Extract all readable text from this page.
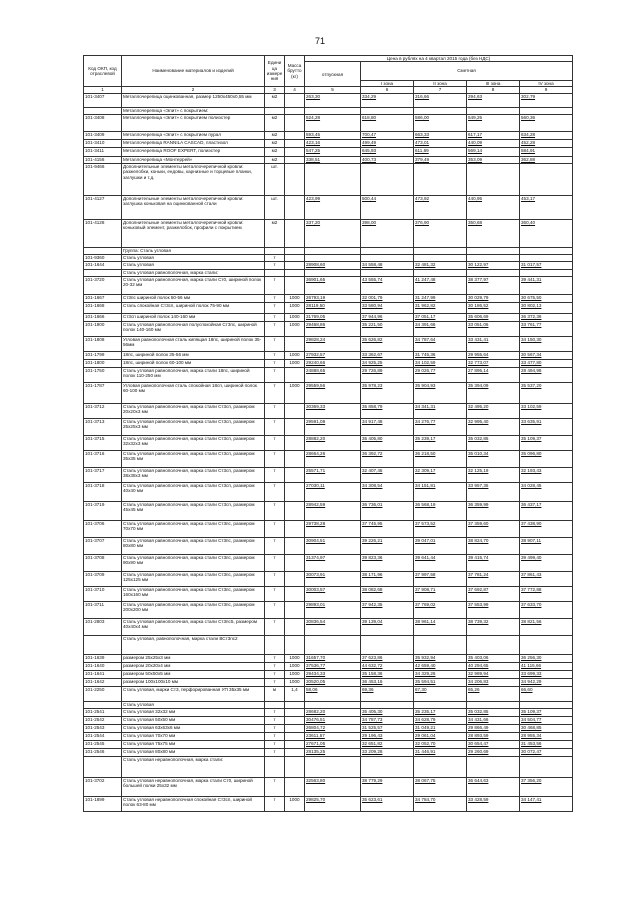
71
Код ОКП, код отраслевой	Наименование материалов и изделий	Едини ца измере ния	Масса брутто (кг)	Цена в рублях на 4 квартал 2015 года (без НДС)				
				отпускная	Сметная			
					I зона	II зона	III зона	IV зона
1	2	3	4	5	6	7	8	9
101-3407	Металлочерепица оцинкованная, размер 1250х450х0,55 мм	м2		263,30	334,29	316,66	294,63	302,79
	Металлочерепица «Элит» с покрытием:							
101-3408	Металлочерепица «Элит» с покрытием полиэстер	м2		524,28	618,80	586,00	549,25	560,36
101-3409	Металлочерепица «Элит» с покрытием пурал	м2		593,45	700,47	663,33	617,17	634,28
101-3410	Металлочерепица RANNILA CASCAD, пластизол	м2		423,16	499,49	473,01	440,09	452,28
101-3411	Металлочерепица ROOF EXPERT, полиэстер	м2		547,25	645,93	611,69	569,14	584,91
101-4156	Металлочерепица «Монтеррей»	м2		338,51	400,73	379,49	353,09	362,88
101-9466	Дополнительные элементы металлочерепичной кровли: разжелобки, коньки, ендовы, карнизные и торцевые планки, заглушки и т.д.	шт.						
101-4127	Дополнительные элементы металлочерепичной кровли: заглушка коньковая на оцинкованной стали	шт.		423,99	500,44	473,92	440,95	453,17
101-4128	Дополнительные элементы металлочерепичной кровли: коньковый элемент, разжелобок, профили с покрытием	м2		337,20	398,00	376,90	350,68	360,40
	Группа: Сталь угловая							
101-9360	Сталь угловая	т						
101-1644	Сталь угловая	т		28908,60	34 558,48	32 481,32	30 122,97	31 017,57
	Сталь угловая равнополочная, марка стали:							
101-3720	Сталь угловая равнополочная, марка стали Ст0, шириной полок 20-32 мм	т		36901,65	43 555,74	41 247,48	38 377,97	39 441,31
101-1667	Ст3пс шириной полок 50-56 мм	т	1000	26793,19	32 001,79	31 247,99	30 029,79	30 675,50
101-1668	Сталь спокойная Ст3сп, шириной полок 75-90 мм	т	1000	28119,50	33 580,94	31 962,82	30 186,52	30 802,13
101-1666	Ст3сп шириной полок 140-160 мм	т	1000	31769,05	37 944,96	37 051,17	35 606,69	36 372,36
101-1900	Сталь угловая равнополочная полуспокойная Ст3пс, шириной полок 140-160 мм	т	1000	29468,86	35 221,50	34 391,66	33 051,06	33 761,77
101-1808	Угловая равнополочная сталь кипящая 18пс, шириной полок 35-56мм	т		29828,24	35 626,82	34 787,64	33 431,41	34 150,30
101-1799	18пс, шириной полок 35-56 мм	т	1000	27932,57	33 362,67	31 745,36	29 955,64	30 567,34
101-1800	18пс, шириной полок 60-100 мм	т	1000	29240,66	34 925,25	34 102,59	32 773,07	33 477,80
101-1750	Сталь угловая равнополочная, марка стали 18пс, шириной полок 110-250 мм	т		24888,65	29 726,89	29 026,77	27 895,14	28 494,98
101-1787	Угловая равнополочная сталь спокойная 18сп, шириной полок 60-100 мм	т	1000	29559,56	35 978,23	35 904,93	35 394,09	35 537,20
101-3712	Сталь угловая равнополочная, марка стали Ст3сп, размером 20х20х3 мм	т		30369,33	35 858,79	34 341,31	32 495,20	33 102,59
101-3713	Сталь угловая равнополочная, марка стали Ст3сп, размером 25х25х3 мм	т		29591,08	34 917,48	34 276,77	32 995,40	33 635,91
101-3715	Сталь угловая равнополочная, марка стали Ст3сп, размером 32х32х3 мм	т		28882,20	35 405,80	35 239,17	35 032,85	35 109,37
101-3716	Сталь угловая равнополочная, марка стали Ст3сп, размером 35х35 мм	т		28664,26	36 392,72	36 218,50	35 010,34	35 096,80
101-3717	Сталь угловая равнополочная, марка стали Ст3сп, размером 38х38х3 мм	т		25571,71	32 407,45	32 309,17	32 125,19	32 193,43
101-3718	Сталь угловая равнополочная, марка стали Ст3сп, размером 40х40 мм	т		27030,11	34 308,54	34 151,81	33 957,35	34 028,45
101-3719	Сталь угловая равнополочная, марка стали Ст3сп, размером 45х45 мм	т		28942,59	36 736,01	36 568,19	36 359,99	36 437,17
101-3706	Сталь угловая равнополочная, марка стали Ст3пс, размером 70х70 мм	т		29738,28	37 745,95	37 573,52	37 359,60	37 438,90
101-3707	Сталь угловая равнополочная, марка стали Ст3пс, размером 80х80 мм	т		30904,51	39 226,21	39 047,01	38 824,70	38 907,11
101-3708	Сталь угловая равнополочная, марка стали Ст3пс, размером 90х90 мм	т		31374,97	39 823,36	39 641,44	39 415,74	39 499,40
101-3709	Сталь угловая равнополочная, марка стали Ст3пс, размером 125х125 мм	т		30073,91	38 171,96	37 997,58	37 781,24	37 861,43
101-3710	Сталь угловая равнополочная, марка стали Ст3пс, размером 160х160 мм	т		30003,57	38 082,68	37 908,71	37 692,87	37 772,88
101-3711	Сталь угловая равнополочная, марка стали Ст3пс, размером 200х200 мм	т		29893,01	37 942,35	37 769,02	37 553,99	37 633,70
101-2803	Сталь угловая равнополочная, марка стали Ст3пс5, размером 40х40х4 мм	т		30836,54	39 139,04	38 961,14	38 739,32	38 821,56
	Сталь угловая, равнополочная, марка стали ВСт3пс2							
101-1639	размером 25х25х3 мм	т	1000	31657,70	37 623,86	35 932,94	35 403,06	36 256,30
101-1640	размером 20х20х4 мм	т	1000	37536,77	44 632,72	42 659,40	40 294,65	41 115,66
101-1641	размером 50х50х5 мм	т	1000	29434,33	35 158,36	34 329,26	32 989,94	33 699,33
101-1642	размером 100х100х10 мм	т	1000	30520,05	36 453,16	35 594,51	34 206,83	34 942,29
101-2250	Сталь угловая, марки Ст3, перфорированная УП 35х35 мм	м	1,4	58,06	69,36	67,30	65,26	66,60
	Сталь угловая							
101-2541	Сталь угловая 32х32 мм	т		28682,20	35 405,30	35 235,17	35 032,85	35 109,37
101-2542	Сталь угловая 50х50 мм	т		30476,51	34 787,73	34 628,79	34 431,66	34 504,77
101-2543	Сталь угловая 63х63х6 мм	т		26804,72	31 525,57	31 049,21	29 866,49	30 468,85
101-2544	Сталь угловая 70х70 мм	т		23611,57	29 196,43	29 061,04	28 893,59	28 955,34
101-2545	Сталь угловая 75х75 мм	т		27671,05	32 651,82	32 052,70	30 654,47	31 453,56
101-2546	Сталь угловая 80х80 мм	т		28135,25	33 209,28	31 446,91	29 260,69	30 072,47
	Сталь угловая неравнополочная, марка стали:							
101-3702	Сталь угловая неравнополочная, марка стали Ст0, шириной большей полки 25х32 мм	т		32563,80	38 779,29	38 067,75	36 644,63	37 356,20
101-1899	Сталь угловая неравнополочная спокойная Ст3сп, шириной полок 63-80 мм	т	1000	29825,70	35 623,61	34 784,70	33 428,59	34 147,41
